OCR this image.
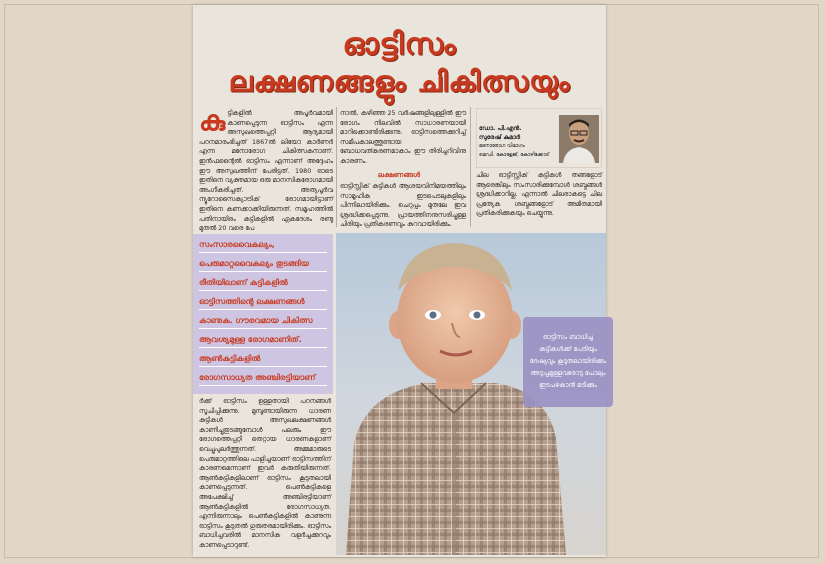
ഓട്ടിസം
ലക്ഷണങ്ങളും ചികിത്സയും
കു ട്ടികളിൽ അപൂർവമായി കാണപ്പെടുന്ന ഓട്ടിസം എന്ന അസുഖത്തെപ്പറ്റി ആദ്യമായി പഠനമാരംഭിച്ചത് 1867ൽ ലിയോ കാർണർ എന്ന മനോരോഗ ചികിത്സകനാണ്. ഇൻഫന്റൈൽ ഓട്ടിസം എന്നാണ് അദ്ദേഹം ഈ അസുഖത്തിന് പേരിട്ടത്. 1980 ഓടെ ഇതിനെ വ്യക്തമായ ഒരു മാനസികരോഗമായി അംഗീകരിച്ചത്. അത്യപൂർവ ന്യൂറോസൈക്യാട്രിക് രോഗമായിട്ടാണ് ഇതിനെ കണക്കാക്കിയിരുന്നത്. സമൂഹത്തിൽ പതിനായിരം കുട്ടികളിൽ ഏകദേശം രണ്ടു മുതൽ 20 വരെ പേ
നാൽ, കഴിഞ്ഞ 25 വർഷങ്ങളിലുള്ളിൽ ഈ രോഗം നിലവിൽ സാധാരണയായി മാറിക്കൊണ്ടിരിക്കുന്നു. ഓട്ടിസത്തെക്കുറിച്ച് സമീപകാലത്തുണ്ടായ ബോധവത്കരണമാകാം ഈ തിരിച്ചറിവിനു കാരണം.
ലക്ഷണങ്ങൾ
ഓട്ടിസ്റ്റിക് കുട്ടികൾ ആശയവിനിമയത്തിലും സാമൂഹിക ഇടപെടലുകളിലും പിന്നിലായിരിക്കും. ചെറുപ്പം മുതലേ ഇവ ശ്രദ്ധിക്കപ്പെടുന്നു. പ്രായത്തിനനുസരിച്ചുള്ള ചിരിയും പ്രതികരണവും കുറവായിരിക്കും.
ഡോ. പി.എൻ.
സുരേഷ് കുമാർ
മനോരോഗ വിഭാഗം
മെഡി. കോളേജ്, കോഴിക്കോട്
ചില ഓട്ടിസ്റ്റിക് കുട്ടികൾ തങ്ങളോട് ആരെങ്കിലും സംസാരിക്കുമ്പോൾ ശബ്ദങ്ങൾ ശ്രദ്ധിക്കാറില്ല. എന്നാൽ ചിലരാകട്ടെ ചില പ്രത്യേക ശബ്ദങ്ങളോട് അമിതമായി പ്രതികരിക്കുകയും ചെയ്യുന്നു.
സംസാരവൈകല്യം,
പെരുമാറ്റവൈകല്യം തുടങ്ങിയ
രീതിയിലാണ് കുട്ടികളിൽ
ഓട്ടിസത്തിന്റെ ലക്ഷണങ്ങൾ
കാണുക. ഗൗരവമായ ചികിത്സ
ആവശ്യമുള്ള രോഗമാണിത്.
ആൺകുട്ടികളിൽ
രോഗസാധ്യത അഞ്ചിരട്ടിയാണ്
ർക്ക് ഓട്ടിസം ഉള്ളതായി പഠനങ്ങൾ സൂചിപ്പിക്കുന്നു. മുമ്പുണ്ടായിരുന്ന ധാരണ കുട്ടികൾ അസുഖലക്ഷണങ്ങൾ കാണിച്ചുതുടങ്ങുമ്പോൾ പലരും ഈ രോഗത്തെപ്പറ്റി തെറ്റായ ധാരണകളാണ് വെച്ചുപുലർത്തുന്നത്. അമ്മമാരുടെ പെരുമാറ്റത്തിലെ പാളിച്ചയാണ് ഓട്ടിസത്തിന് കാരണമെന്നാണ് ഇവർ കരുതിയിരുന്നത്. ആൺകുട്ടികളിലാണ് ഓട്ടിസം കൂടുതലായി കാണപ്പെടുന്നത്. പെൺകുട്ടികളെ അപേക്ഷിച്ച് അഞ്ചിരട്ടിയാണ് ആൺകുട്ടികളിൽ രോഗസാധ്യത. എന്നിരുന്നാലും പെൺകുട്ടികളിൽ കാണുന്ന ഓട്ടിസം കൂടുതൽ ഗുരുതരമായിരിക്കും. ഓട്ടിസം ബാധിച്ചവരിൽ മാനസിക വളർച്ചക്കുറവും കാണപ്പെടാറുണ്ട്.
ഓട്ടിസം ബാധിച്ച
കുട്ടികൾക്ക് പേടിയും
ദേഷ്യവും കൂടുതലായിരിക്കും
അടുപ്പമുള്ളവരോടു പോലും
ഇടപഴകാൻ മടിക്കും
